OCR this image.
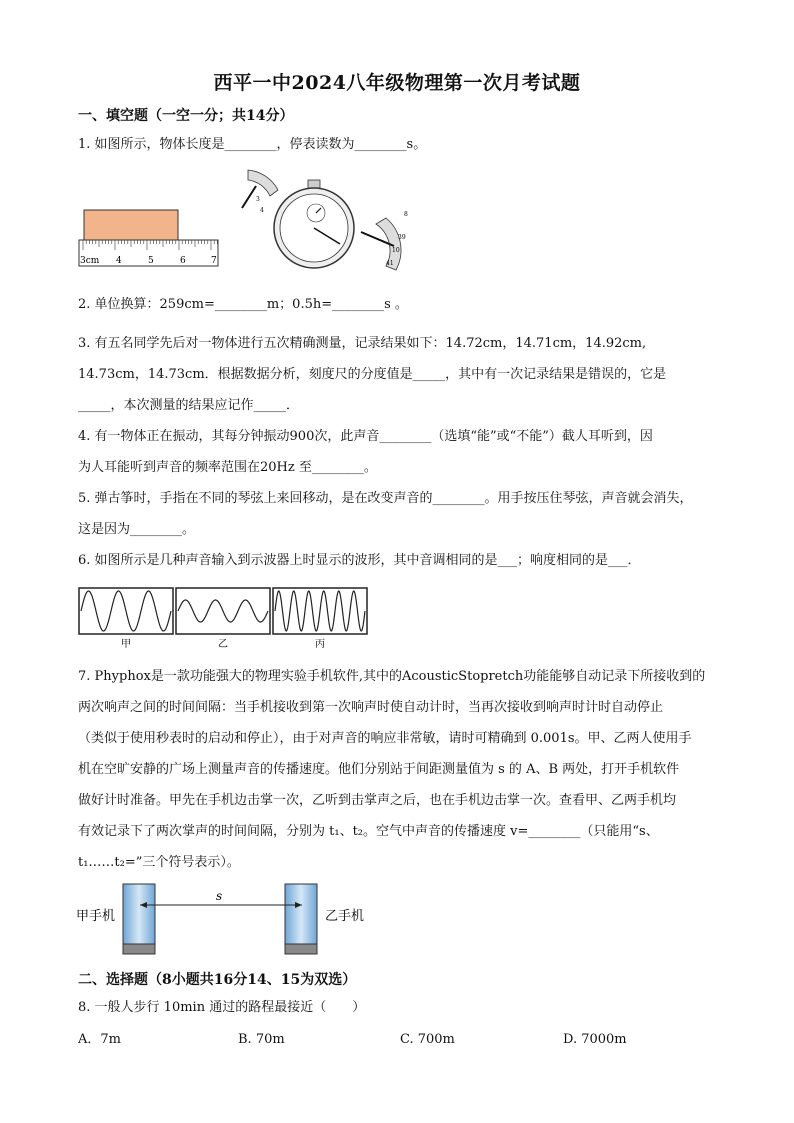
西平一中2024八年级物理第一次月考试题
一、填空题（一空一分；共14分）
1. 如图所示，物体长度是________，停表读数为________s。
3cm 4	5	6	7
3
4
8
39
10
41
2. 单位换算：259cm=________m；0.5h=________s 。
3. 有五名同学先后对一物体进行五次精确测量，记录结果如下：14.72cm，14.71cm，14.92cm,
14.73cm，14.73cm．根据数据分析，刻度尺的分度值是_____，其中有一次记录结果是错误的，它是
_____，本次测量的结果应记作_____．
4. 有一物体正在振动，其每分钟振动900次，此声音________（选填“能”或“不能”）截人耳听到，因
为人耳能听到声音的频率范围在20Hz 至________。
5. 弹古筝时，手指在不同的琴弦上来回移动，是在改变声音的________。用手按压住琴弦，声音就会消失，
这是因为________。
6. 如图所示是几种声音输入到示波器上时显示的波形，其中音调相同的是___；响度相同的是___．
甲	乙	丙
7. Phyphox是一款功能强大的物理实验手机软件,其中的AcousticStopretch功能能够自动记录下所接收到的
两次响声之间的时间间隔：当手机接收到第一次响声时使自动计时，当再次接收到响声时计时自动停止
（类似于使用秒表时的启动和停止），由于对声音的响应非常敏，请时可精确到 0.001s。甲、乙两人使用手
机在空旷安静的广场上测量声音的传播速度。他们分别站于间距测量值为 s 的 A、B 两处，打开手机软件
做好计时准备。甲先在手机边击掌一次，乙听到击掌声之后，也在手机边击掌一次。查看甲、乙两手机均
有效记录下了两次掌声的时间间隔，分别为 t₁、t₂。空气中声音的传播速度 v=________（只能用“s、
t₁……t₂=”三个符号表示）。
甲手机
s
乙手机
二、选择题（8小题共16分14、15为双选）
8. 一般人步行 10min 通过的路程最接近（　　）
A．7m	B. 70m	C. 700m	D. 7000m
